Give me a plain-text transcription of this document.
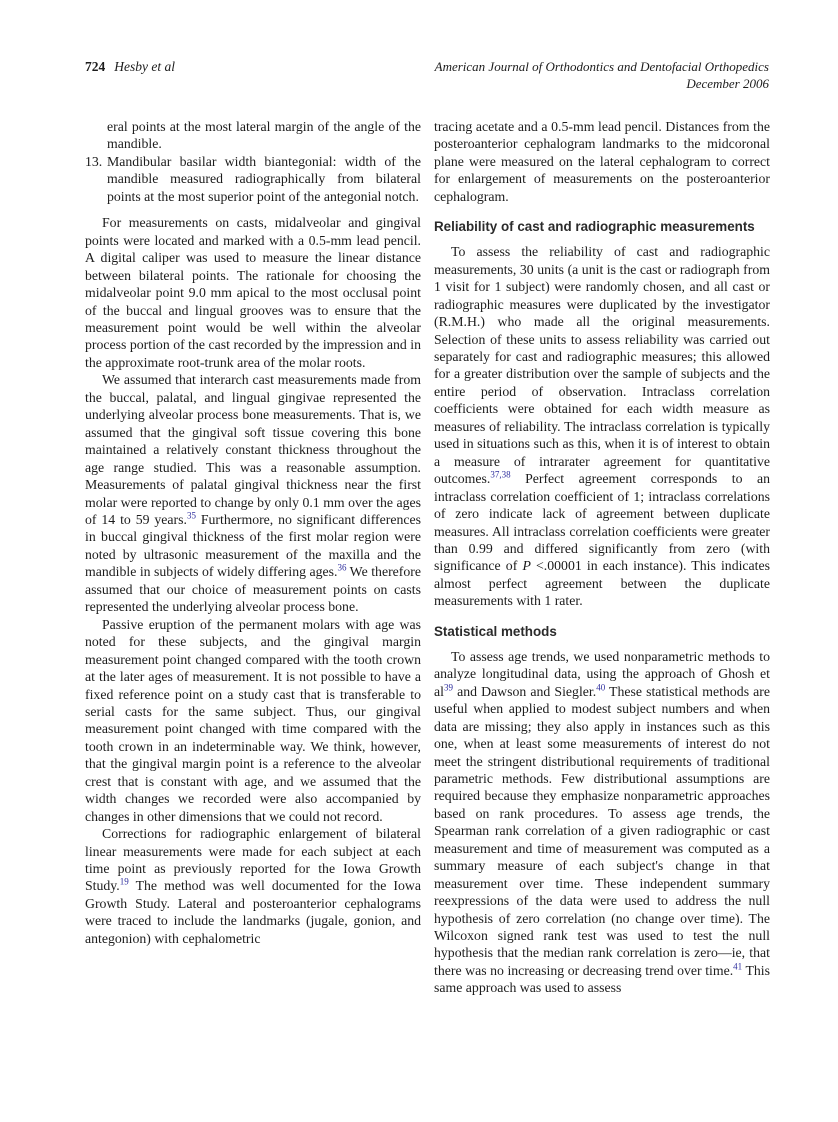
724 Hesby et al	American Journal of Orthodontics and Dentofacial Orthopedics
December 2006
eral points at the most lateral margin of the angle of the mandible.
13. Mandibular basilar width biantegonial: width of the mandible measured radiographically from bilateral points at the most superior point of the antegonial notch.

For measurements on casts, midalveolar and gingival points were located and marked with a 0.5-mm lead pencil. A digital caliper was used to measure the linear distance between bilateral points. The rationale for choosing the midalveolar point 9.0 mm apical to the most occlusal point of the buccal and lingual grooves was to ensure that the measurement point would be well within the alveolar process portion of the cast recorded by the impression and in the approximate root-trunk area of the molar roots.

We assumed that interarch cast measurements made from the buccal, palatal, and lingual gingivae represented the underlying alveolar process bone measurements. That is, we assumed that the gingival soft tissue covering this bone maintained a relatively constant thickness throughout the age range studied. This was a reasonable assumption. Measurements of palatal gingival thickness near the first molar were reported to change by only 0.1 mm over the ages of 14 to 59 years.$^{35}$ Furthermore, no significant differences in buccal gingival thickness of the first molar region were noted by ultrasonic measurement of the maxilla and the mandible in subjects of widely differing ages.$^{36}$ We therefore assumed that our choice of measurement points on casts represented the underlying alveolar process bone.

Passive eruption of the permanent molars with age was noted for these subjects, and the gingival margin measurement point changed compared with the tooth crown at the later ages of measurement. It is not possible to have a fixed reference point on a study cast that is transferable to serial casts for the same subject. Thus, our gingival measurement point changed with time compared with the tooth crown in an indeterminable way. We think, however, that the gingival margin point is a reference to the alveolar crest that is constant with age, and we assumed that the width changes we recorded were also accompanied by changes in other dimensions that we could not record.

Corrections for radiographic enlargement of bilateral linear measurements were made for each subject at each time point as previously reported for the Iowa Growth Study.$^{19}$ The method was well documented for the Iowa Growth Study. Lateral and posteroanterior cephalograms were traced to include the landmarks (jugale, gonion, and antegonion) with cephalometric

tracing acetate and a 0.5-mm lead pencil. Distances from the posteroanterior cephalogram landmarks to the midcoronal plane were measured on the lateral cephalogram to correct for enlargement of measurements on the posteroanterior cephalogram.

Reliability of cast and radiographic measurements

To assess the reliability of cast and radiographic measurements, 30 units (a unit is the cast or radiograph from 1 visit for 1 subject) were randomly chosen, and all cast or radiographic measures were duplicated by the investigator (R.M.H.) who made all the original measurements. Selection of these units to assess reliability was carried out separately for cast and radiographic measures; this allowed for a greater distribution over the sample of subjects and the entire period of observation. Intraclass correlation coefficients were obtained for each width measure as measures of reliability. The intraclass correlation is typically used in situations such as this, when it is of interest to obtain a measure of intrarater agreement for quantitative outcomes.$^{37,38}$ Perfect agreement corresponds to an intraclass correlation coefficient of 1; intraclass correlations of zero indicate lack of agreement between duplicate measures. All intraclass correlation coefficients were greater than 0.99 and differed significantly from zero (with significance of P <.00001 in each instance). This indicates almost perfect agreement between the duplicate measurements with 1 rater.

Statistical methods

To assess age trends, we used nonparametric methods to analyze longitudinal data, using the approach of Ghosh et al$^{39}$ and Dawson and Siegler.$^{40}$ These statistical methods are useful when applied to modest subject numbers and when data are missing; they also apply in instances such as this one, when at least some measurements of interest do not meet the stringent distributional requirements of traditional parametric methods. Few distributional assumptions are required because they emphasize nonparametric approaches based on rank procedures. To assess age trends, the Spearman rank correlation of a given radiographic or cast measurement and time of measurement was computed as a summary measure of each subject's change in that measurement over time. These independent summary reexpressions of the data were used to address the null hypothesis of zero correlation (no change over time). The Wilcoxon signed rank test was used to test the null hypothesis that the median rank correlation is zero—ie, that there was no increasing or decreasing trend over time.$^{41}$ This same approach was used to assess
